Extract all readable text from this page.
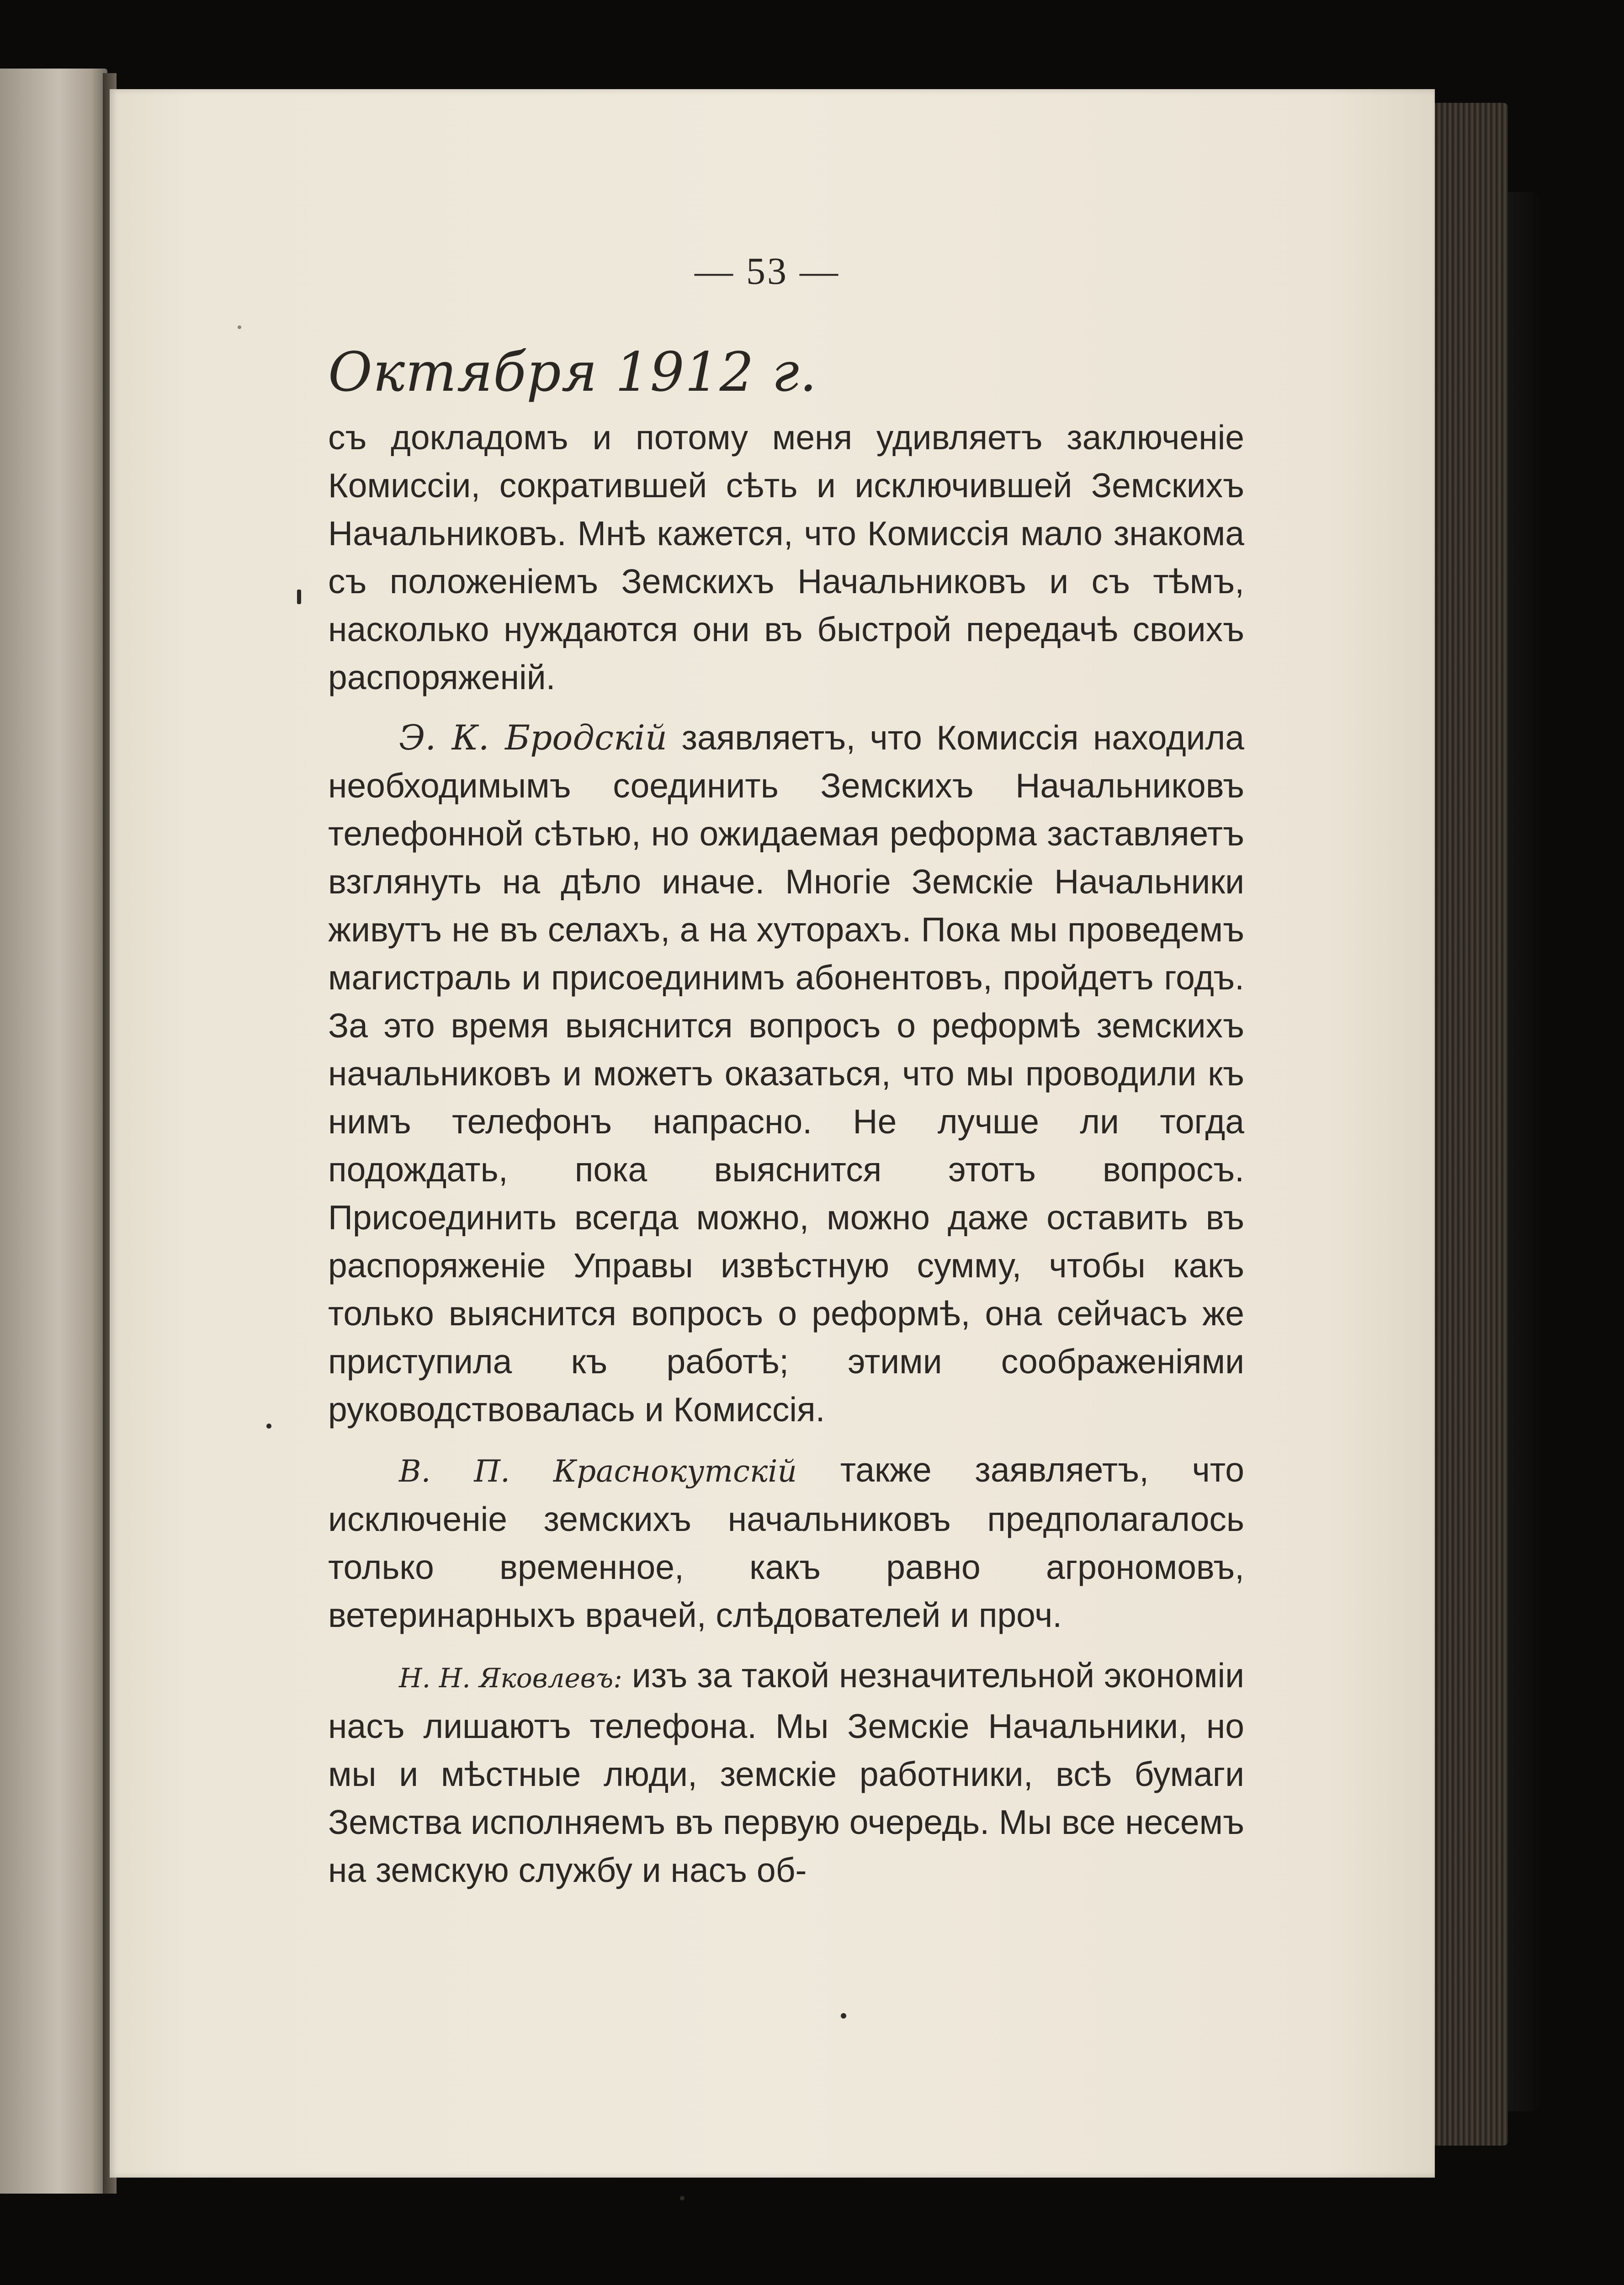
— 53 —
Октября 1912 г.

съ докладомъ и потому меня удивляетъ заключенiе Комиссiи, сократившей сѣть и исключившей Земскихъ Начальниковъ. Мнѣ кажется, что Комиссiя мало знакома съ положенiемъ Земскихъ Начальниковъ и съ тѣмъ, насколько нуждаются они въ быстрой передачѣ своихъ распоряженiй.

Э. К. Бродскій заявляетъ, что Комиссiя находила необходимымъ соединить Земскихъ Начальниковъ телефонной сѣтью, но ожидаемая реформа заставляетъ взглянуть на дѣло иначе. Многiе Земскiе Начальники живутъ не въ селахъ, а на хуторахъ. Пока мы проведемъ магистраль и присоединимъ абонентовъ, пройдетъ годъ. За это время выяснится вопросъ о реформѣ земскихъ начальниковъ и можетъ оказаться, что мы проводили къ нимъ телефонъ напрасно. Не лучше ли тогда подождать, пока выяснится этотъ вопросъ. Присоединить всегда можно, можно даже оставить въ распоряженiе Управы извѣстную сумму, чтобы какъ только выяснится вопросъ о реформѣ, она сейчасъ же приступила къ работѣ; этими соображенiями руководствовалась и Комиссiя.

В. П. Краснокутскій также заявляетъ, что исключенiе земскихъ начальниковъ предполагалось только временное, какъ равно агрономовъ, ветеринарныхъ врачей, слѣдователей и проч.

Н. Н. Яковлевъ: изъ за такой незначительной экономiи насъ лишаютъ телефона. Мы Земскiе Начальники, но мы и мѣстные люди, земскiе работники, всѣ бумаги Земства исполняемъ въ первую очередь. Мы все несемъ на земскую службу и насъ об-
